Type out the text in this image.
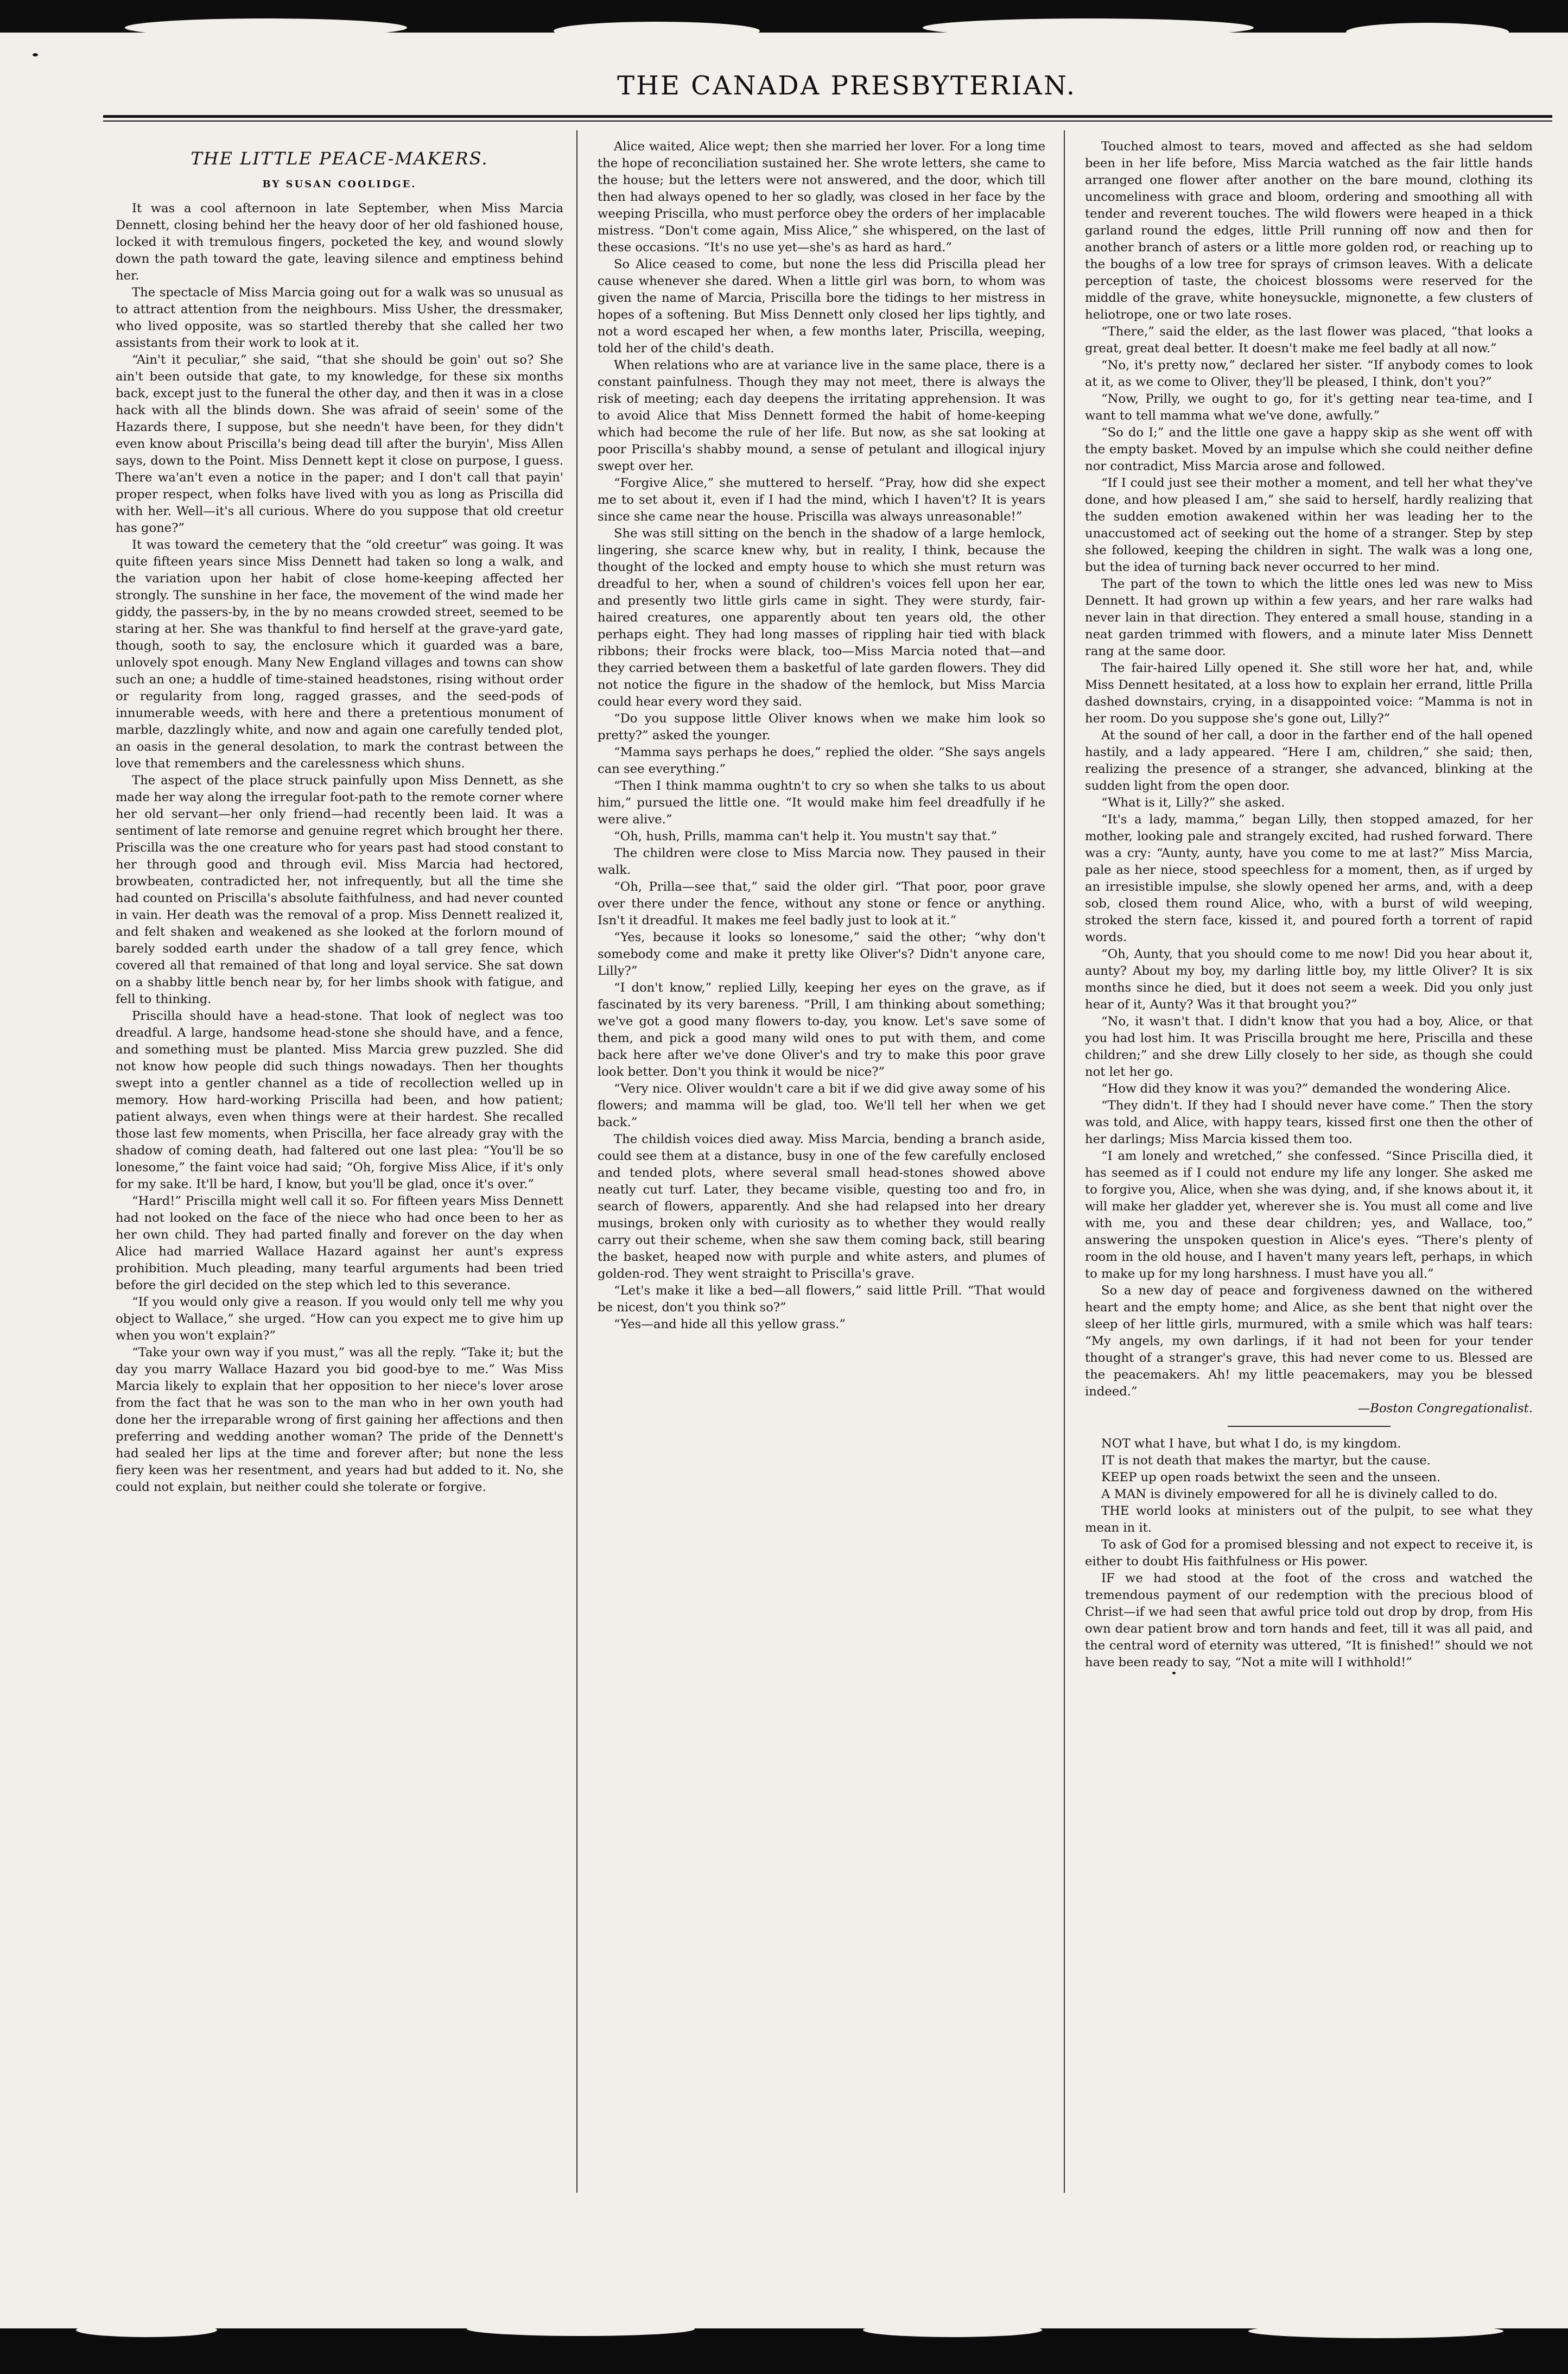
THE CANADA PRESBYTERIAN.
THE LITTLE PEACE-MAKERS.
BY SUSAN COOLIDGE.

It was a cool afternoon in late September, when Miss Marcia Dennett, closing behind her the heavy door of her old fashioned house, locked it with tremulous fingers, pocketed the key, and wound slowly down the path toward the gate, leaving silence and emptiness behind her.

The spectacle of Miss Marcia going out for a walk was so unusual as to attract attention from the neighbours. Miss Usher, the dressmaker, who lived opposite, was so startled thereby that she called her two assistants from their work to look at it.

“Ain't it peculiar,” she said, “that she should be goin' out so? She ain't been outside that gate, to my knowledge, for these six months back, except just to the funeral the other day, and then it was in a close hack with all the blinds down. She was afraid of seein' some of the Hazards there, I suppose, but she needn't have been, for they didn't even know about Priscilla's being dead till after the buryin', Miss Allen says, down to the Point. Miss Dennett kept it close on purpose, I guess. There wa'an't even a notice in the paper; and I don't call that payin' proper respect, when folks have lived with you as long as Priscilla did with her. Well—it's all curious. Where do you suppose that old creetur has gone?”

It was toward the cemetery that the “old creetur” was going. It was quite fifteen years since Miss Dennett had taken so long a walk, and the variation upon her habit of close home-keeping affected her strongly. The sunshine in her face, the movement of the wind made her giddy, the passers-by, in the by no means crowded street, seemed to be staring at her. She was thankful to find herself at the grave-yard gate, though, sooth to say, the enclosure which it guarded was a bare, unlovely spot enough. Many New England villages and towns can show such an one; a huddle of time-stained headstones, rising without order or regularity from long, ragged grasses, and the seed-pods of innumerable weeds, with here and there a pretentious monument of marble, dazzlingly white, and now and again one carefully tended plot, an oasis in the general desolation, to mark the contrast between the love that remembers and the carelessness which shuns.

The aspect of the place struck painfully upon Miss Dennett, as she made her way along the irregular foot-path to the remote corner where her old servant—her only friend—had recently been laid. It was a sentiment of late remorse and genuine regret which brought her there. Priscilla was the one creature who for years past had stood constant to her through good and through evil. Miss Marcia had hectored, browbeaten, contradicted her, not infrequently, but all the time she had counted on Priscilla's absolute faithfulness, and had never counted in vain. Her death was the removal of a prop. Miss Dennett realized it, and felt shaken and weakened as she looked at the forlorn mound of barely sodded earth under the shadow of a tall grey fence, which covered all that remained of that long and loyal service. She sat down on a shabby little bench near by, for her limbs shook with fatigue, and fell to thinking.

Priscilla should have a head-stone. That look of neglect was too dreadful. A large, handsome head-stone she should have, and a fence, and something must be planted. Miss Marcia grew puzzled. She did not know how people did such things nowadays. Then her thoughts swept into a gentler channel as a tide of recollection welled up in memory. How hard-working Priscilla had been, and how patient; patient always, even when things were at their hardest. She recalled those last few moments, when Priscilla, her face already gray with the shadow of coming death, had faltered out one last plea: “You'll be so lonesome,” the faint voice had said; “Oh, forgive Miss Alice, if it's only for my sake. It'll be hard, I know, but you'll be glad, once it's over.”

“Hard!” Priscilla might well call it so. For fifteen years Miss Dennett had not looked on the face of the niece who had once been to her as her own child. They had parted finally and forever on the day when Alice had married Wallace Hazard against her aunt's express prohibition. Much pleading, many tearful arguments had been tried before the girl decided on the step which led to this severance.

“If you would only give a reason. If you would only tell me why you object to Wallace,” she urged. “How can you expect me to give him up when you won't explain?”

“Take your own way if you must,” was all the reply. “Take it; but the day you marry Wallace Hazard you bid good-bye to me.” Was Miss Marcia likely to explain that her opposition to her niece's lover arose from the fact that he was son to the man who in her own youth had done her the irreparable wrong of first gaining her affections and then preferring and wedding another woman? The pride of the Dennett's had sealed her lips at the time and forever after; but none the less fiery keen was her resentment, and years had but added to it. No, she could not explain, but neither could she tolerate or forgive.

Alice waited, Alice wept; then she married her lover. For a long time the hope of reconciliation sustained her. She wrote letters, she came to the house; but the letters were not answered, and the door, which till then had always opened to her so gladly, was closed in her face by the weeping Priscilla, who must perforce obey the orders of her implacable mistress. “Don't come again, Miss Alice,” she whispered, on the last of these occasions. “It's no use yet—she's as hard as hard.”

So Alice ceased to come, but none the less did Priscilla plead her cause whenever she dared. When a little girl was born, to whom was given the name of Marcia, Priscilla bore the tidings to her mistress in hopes of a softening. But Miss Dennett only closed her lips tightly, and not a word escaped her when, a few months later, Priscilla, weeping, told her of the child's death.

When relations who are at variance live in the same place, there is a constant painfulness. Though they may not meet, there is always the risk of meeting; each day deepens the irritating apprehension. It was to avoid Alice that Miss Dennett formed the habit of home-keeping which had become the rule of her life. But now, as she sat looking at poor Priscilla's shabby mound, a sense of petulant and illogical injury swept over her.

“Forgive Alice,” she muttered to herself. “Pray, how did she expect me to set about it, even if I had the mind, which I haven't? It is years since she came near the house. Priscilla was always unreasonable!”

She was still sitting on the bench in the shadow of a large hemlock, lingering, she scarce knew why, but in reality, I think, because the thought of the locked and empty house to which she must return was dreadful to her, when a sound of children's voices fell upon her ear, and presently two little girls came in sight. They were sturdy, fair-haired creatures, one apparently about ten years old, the other perhaps eight. They had long masses of rippling hair tied with black ribbons; their frocks were black, too—Miss Marcia noted that—and they carried between them a basketful of late garden flowers. They did not notice the figure in the shadow of the hemlock, but Miss Marcia could hear every word they said.

“Do you suppose little Oliver knows when we make him look so pretty?” asked the younger.

“Mamma says perhaps he does,” replied the older. “She says angels can see everything.”

“Then I think mamma oughtn't to cry so when she talks to us about him,” pursued the little one. “It would make him feel dreadfully if he were alive.”

“Oh, hush, Prills, mamma can't help it. You mustn't say that.”

The children were close to Miss Marcia now. They paused in their walk.

“Oh, Prilla—see that,” said the older girl. “That poor, poor grave over there under the fence, without any stone or fence or anything. Isn't it dreadful. It makes me feel badly just to look at it.”

“Yes, because it looks so lonesome,” said the other; “why don't somebody come and make it pretty like Oliver's? Didn't anyone care, Lilly?”

“I don't know,” replied Lilly, keeping her eyes on the grave, as if fascinated by its very bareness. “Prill, I am thinking about something; we've got a good many flowers to-day, you know. Let's save some of them, and pick a good many wild ones to put with them, and come back here after we've done Oliver's and try to make this poor grave look better. Don't you think it would be nice?”

“Very nice. Oliver wouldn't care a bit if we did give away some of his flowers; and mamma will be glad, too. We'll tell her when we get back.”

The childish voices died away. Miss Marcia, bending a branch aside, could see them at a distance, busy in one of the few carefully enclosed and tended plots, where several small head-stones showed above neatly cut turf. Later, they became visible, questing too and fro, in search of flowers, apparently. And she had relapsed into her dreary musings, broken only with curiosity as to whether they would really carry out their scheme, when she saw them coming back, still bearing the basket, heaped now with purple and white asters, and plumes of golden-rod. They went straight to Priscilla's grave.

“Let's make it like a bed—all flowers,” said little Prill. “That would be nicest, don't you think so?”

“Yes—and hide all this yellow grass.”

Touched almost to tears, moved and affected as she had seldom been in her life before, Miss Marcia watched as the fair little hands arranged one flower after another on the bare mound, clothing its uncomeliness with grace and bloom, ordering and smoothing all with tender and reverent touches. The wild flowers were heaped in a thick garland round the edges, little Prill running off now and then for another branch of asters or a little more golden rod, or reaching up to the boughs of a low tree for sprays of crimson leaves. With a delicate perception of taste, the choicest blossoms were reserved for the middle of the grave, white honeysuckle, mignonette, a few clusters of heliotrope, one or two late roses.

“There,” said the elder, as the last flower was placed, “that looks a great, great deal better. It doesn't make me feel badly at all now.”

“No, it's pretty now,” declared her sister. “If anybody comes to look at it, as we come to Oliver, they'll be pleased, I think, don't you?”

“Now, Prilly, we ought to go, for it's getting near tea-time, and I want to tell mamma what we've done, awfully.”

“So do I;” and the little one gave a happy skip as she went off with the empty basket. Moved by an impulse which she could neither define nor contradict, Miss Marcia arose and followed.

“If I could just see their mother a moment, and tell her what they've done, and how pleased I am,” she said to herself, hardly realizing that the sudden emotion awakened within her was leading her to the unaccustomed act of seeking out the home of a stranger. Step by step she followed, keeping the children in sight. The walk was a long one, but the idea of turning back never occurred to her mind.

The part of the town to which the little ones led was new to Miss Dennett. It had grown up within a few years, and her rare walks had never lain in that direction. They entered a small house, standing in a neat garden trimmed with flowers, and a minute later Miss Dennett rang at the same door.

The fair-haired Lilly opened it. She still wore her hat, and, while Miss Dennett hesitated, at a loss how to explain her errand, little Prilla dashed downstairs, crying, in a disappointed voice: “Mamma is not in her room. Do you suppose she's gone out, Lilly?”

At the sound of her call, a door in the farther end of the hall opened hastily, and a lady appeared. “Here I am, children,” she said; then, realizing the presence of a stranger, she advanced, blinking at the sudden light from the open door.

“What is it, Lilly?” she asked.

“It's a lady, mamma,” began Lilly, then stopped amazed, for her mother, looking pale and strangely excited, had rushed forward. There was a cry: “Aunty, aunty, have you come to me at last?” Miss Marcia, pale as her niece, stood speechless for a moment, then, as if urged by an irresistible impulse, she slowly opened her arms, and, with a deep sob, closed them round Alice, who, with a burst of wild weeping, stroked the stern face, kissed it, and poured forth a torrent of rapid words.

“Oh, Aunty, that you should come to me now! Did you hear about it, aunty? About my boy, my darling little boy, my little Oliver? It is six months since he died, but it does not seem a week. Did you only just hear of it, Aunty? Was it that brought you?”

“No, it wasn't that. I didn't know that you had a boy, Alice, or that you had lost him. It was Priscilla brought me here, Priscilla and these children;” and she drew Lilly closely to her side, as though she could not let her go.

“How did they know it was you?” demanded the wondering Alice.

“They didn't. If they had I should never have come.” Then the story was told, and Alice, with happy tears, kissed first one then the other of her darlings; Miss Marcia kissed them too.

“I am lonely and wretched,” she confessed. “Since Priscilla died, it has seemed as if I could not endure my life any longer. She asked me to forgive you, Alice, when she was dying, and, if she knows about it, it will make her gladder yet, wherever she is. You must all come and live with me, you and these dear children; yes, and Wallace, too,” answering the unspoken question in Alice's eyes. “There's plenty of room in the old house, and I haven't many years left, perhaps, in which to make up for my long harshness. I must have you all.”

So a new day of peace and forgiveness dawned on the withered heart and the empty home; and Alice, as she bent that night over the sleep of her little girls, murmured, with a smile which was half tears: “My angels, my own darlings, if it had not been for your tender thought of a stranger's grave, this had never come to us. Blessed are the peacemakers. Ah! my little peacemakers, may you be blessed indeed.”

—Boston Congregationalist.

NOT what I have, but what I do, is my kingdom.

IT is not death that makes the martyr, but the cause.

KEEP up open roads betwixt the seen and the unseen.

A MAN is divinely empowered for all he is divinely called to do.

THE world looks at ministers out of the pulpit, to see what they mean in it.

To ask of God for a promised blessing and not expect to receive it, is either to doubt His faithfulness or His power.

IF we had stood at the foot of the cross and watched the tremendous payment of our redemption with the precious blood of Christ—if we had seen that awful price told out drop by drop, from His own dear patient brow and torn hands and feet, till it was all paid, and the central word of eternity was uttered, “It is finished!” should we not have been ready to say, “Not a mite will I withhold!”
